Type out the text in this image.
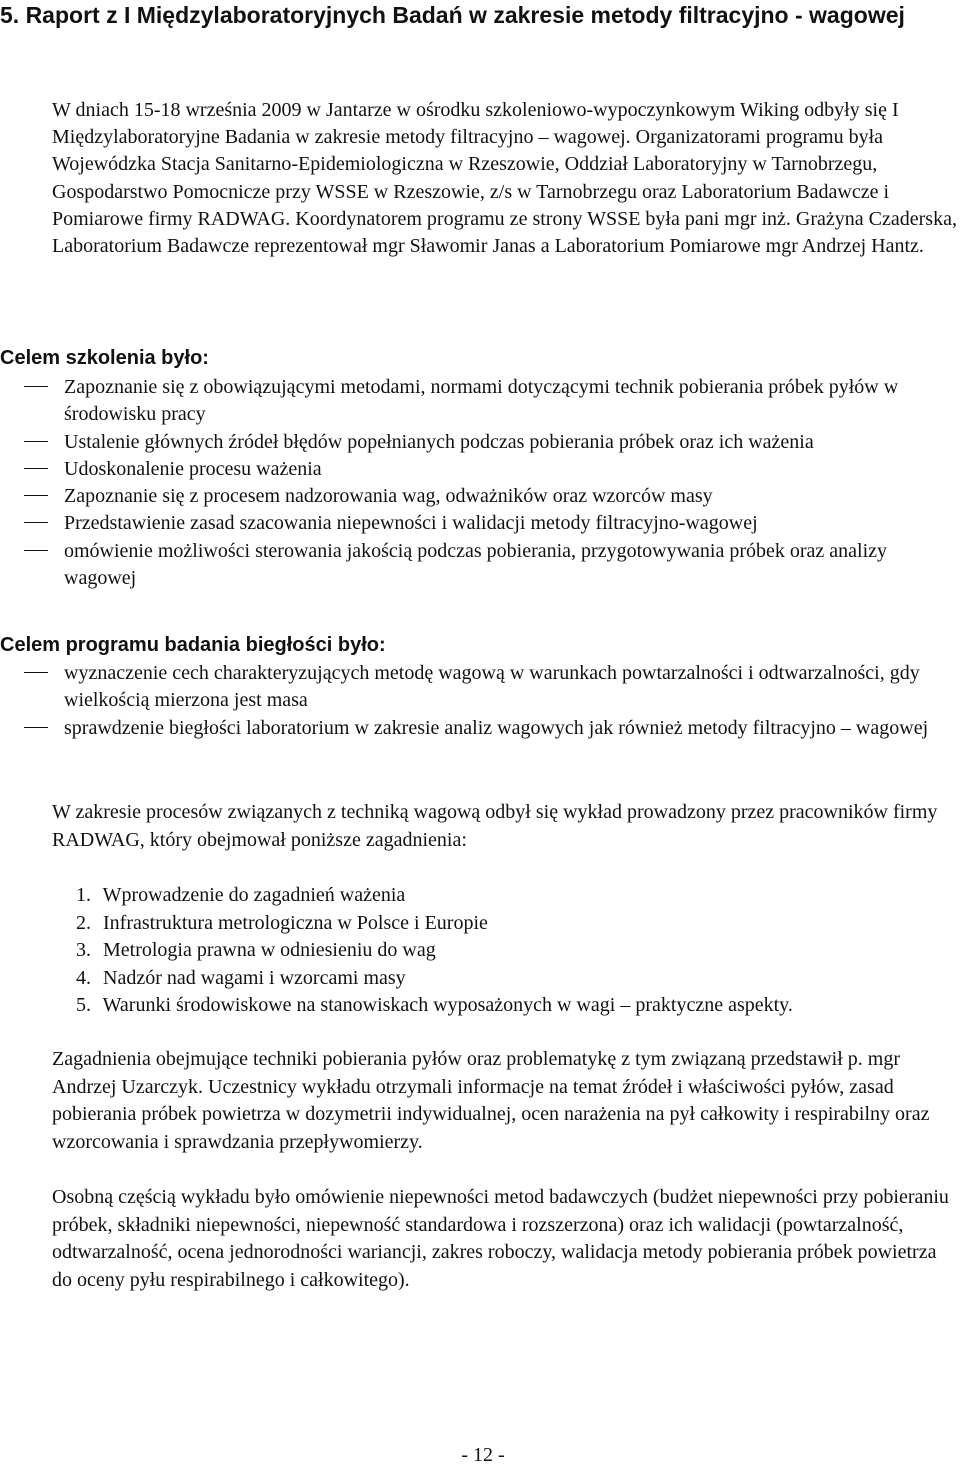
5. Raport z I Międzylaboratoryjnych Badań w zakresie metody filtracyjno - wagowej

W dniach 15-18 września 2009 w Jantarze w ośrodku szkoleniowo-wypoczynkowym Wiking odbyły się I Międzylaboratoryjne Badania w zakresie metody filtracyjno – wagowej. Organizatorami programu była Wojewódzka Stacja Sanitarno-Epidemiologiczna w Rzeszowie, Oddział Laboratoryjny w Tarnobrzegu, Gospodarstwo Pomocnicze przy WSSE w Rzeszowie, z/s w Tarnobrzegu oraz Laboratorium Badawcze i Pomiarowe firmy RADWAG. Koordynatorem programu ze strony WSSE była pani mgr inż. Grażyna Czaderska, Laboratorium Badawcze reprezentował mgr Sławomir Janas a Laboratorium Pomiarowe mgr Andrzej Hantz.

Celem szkolenia było:
Zapoznanie się z obowiązującymi metodami, normami dotyczącymi technik pobierania próbek pyłów w środowisku pracy
Ustalenie głównych źródeł błędów popełnianych podczas pobierania próbek oraz ich ważenia
Udoskonalenie procesu ważenia
Zapoznanie się z procesem nadzorowania wag, odważników oraz wzorców masy
Przedstawienie zasad szacowania niepewności i walidacji metody filtracyjno-wagowej
omówienie możliwości sterowania jakością podczas pobierania, przygotowywania próbek oraz analizy wagowej
Celem programu badania biegłości było:
wyznaczenie cech charakteryzujących metodę wagową w warunkach powtarzalności i odtwarzalności, gdy wielkością mierzona jest masa
sprawdzenie biegłości laboratorium w zakresie analiz wagowych jak również metody filtracyjno – wagowej

W zakresie procesów związanych z techniką wagową odbył się wykład prowadzony przez pracowników firmy RADWAG, który obejmował poniższe zagadnienia:

1. Wprowadzenie do zagadnień ważenia
2. Infrastruktura metrologiczna w Polsce i Europie
3. Metrologia prawna w odniesieniu do wag
4. Nadzór nad wagami i wzorcami masy
5. Warunki środowiskowe na stanowiskach wyposażonych w wagi – praktyczne aspekty.

Zagadnienia obejmujące techniki pobierania pyłów oraz problematykę z tym związaną przedstawił p. mgr Andrzej Uzarczyk. Uczestnicy wykładu otrzymali informacje na temat źródeł i właściwości pyłów, zasad pobierania próbek powietrza w dozymetrii indywidualnej, ocen narażenia na pył całkowity i respirabilny oraz wzorcowania i sprawdzania przepływomierzy.

Osobną częścią wykładu było omówienie niepewności metod badawczych (budżet niepewności przy pobieraniu próbek, składniki niepewności, niepewność standardowa i rozszerzona) oraz ich walidacji (powtarzalność, odtwarzalność, ocena jednorodności wariancji, zakres roboczy, walidacja metody pobierania próbek powietrza do oceny pyłu respirabilnego i całkowitego).

- 12 -
